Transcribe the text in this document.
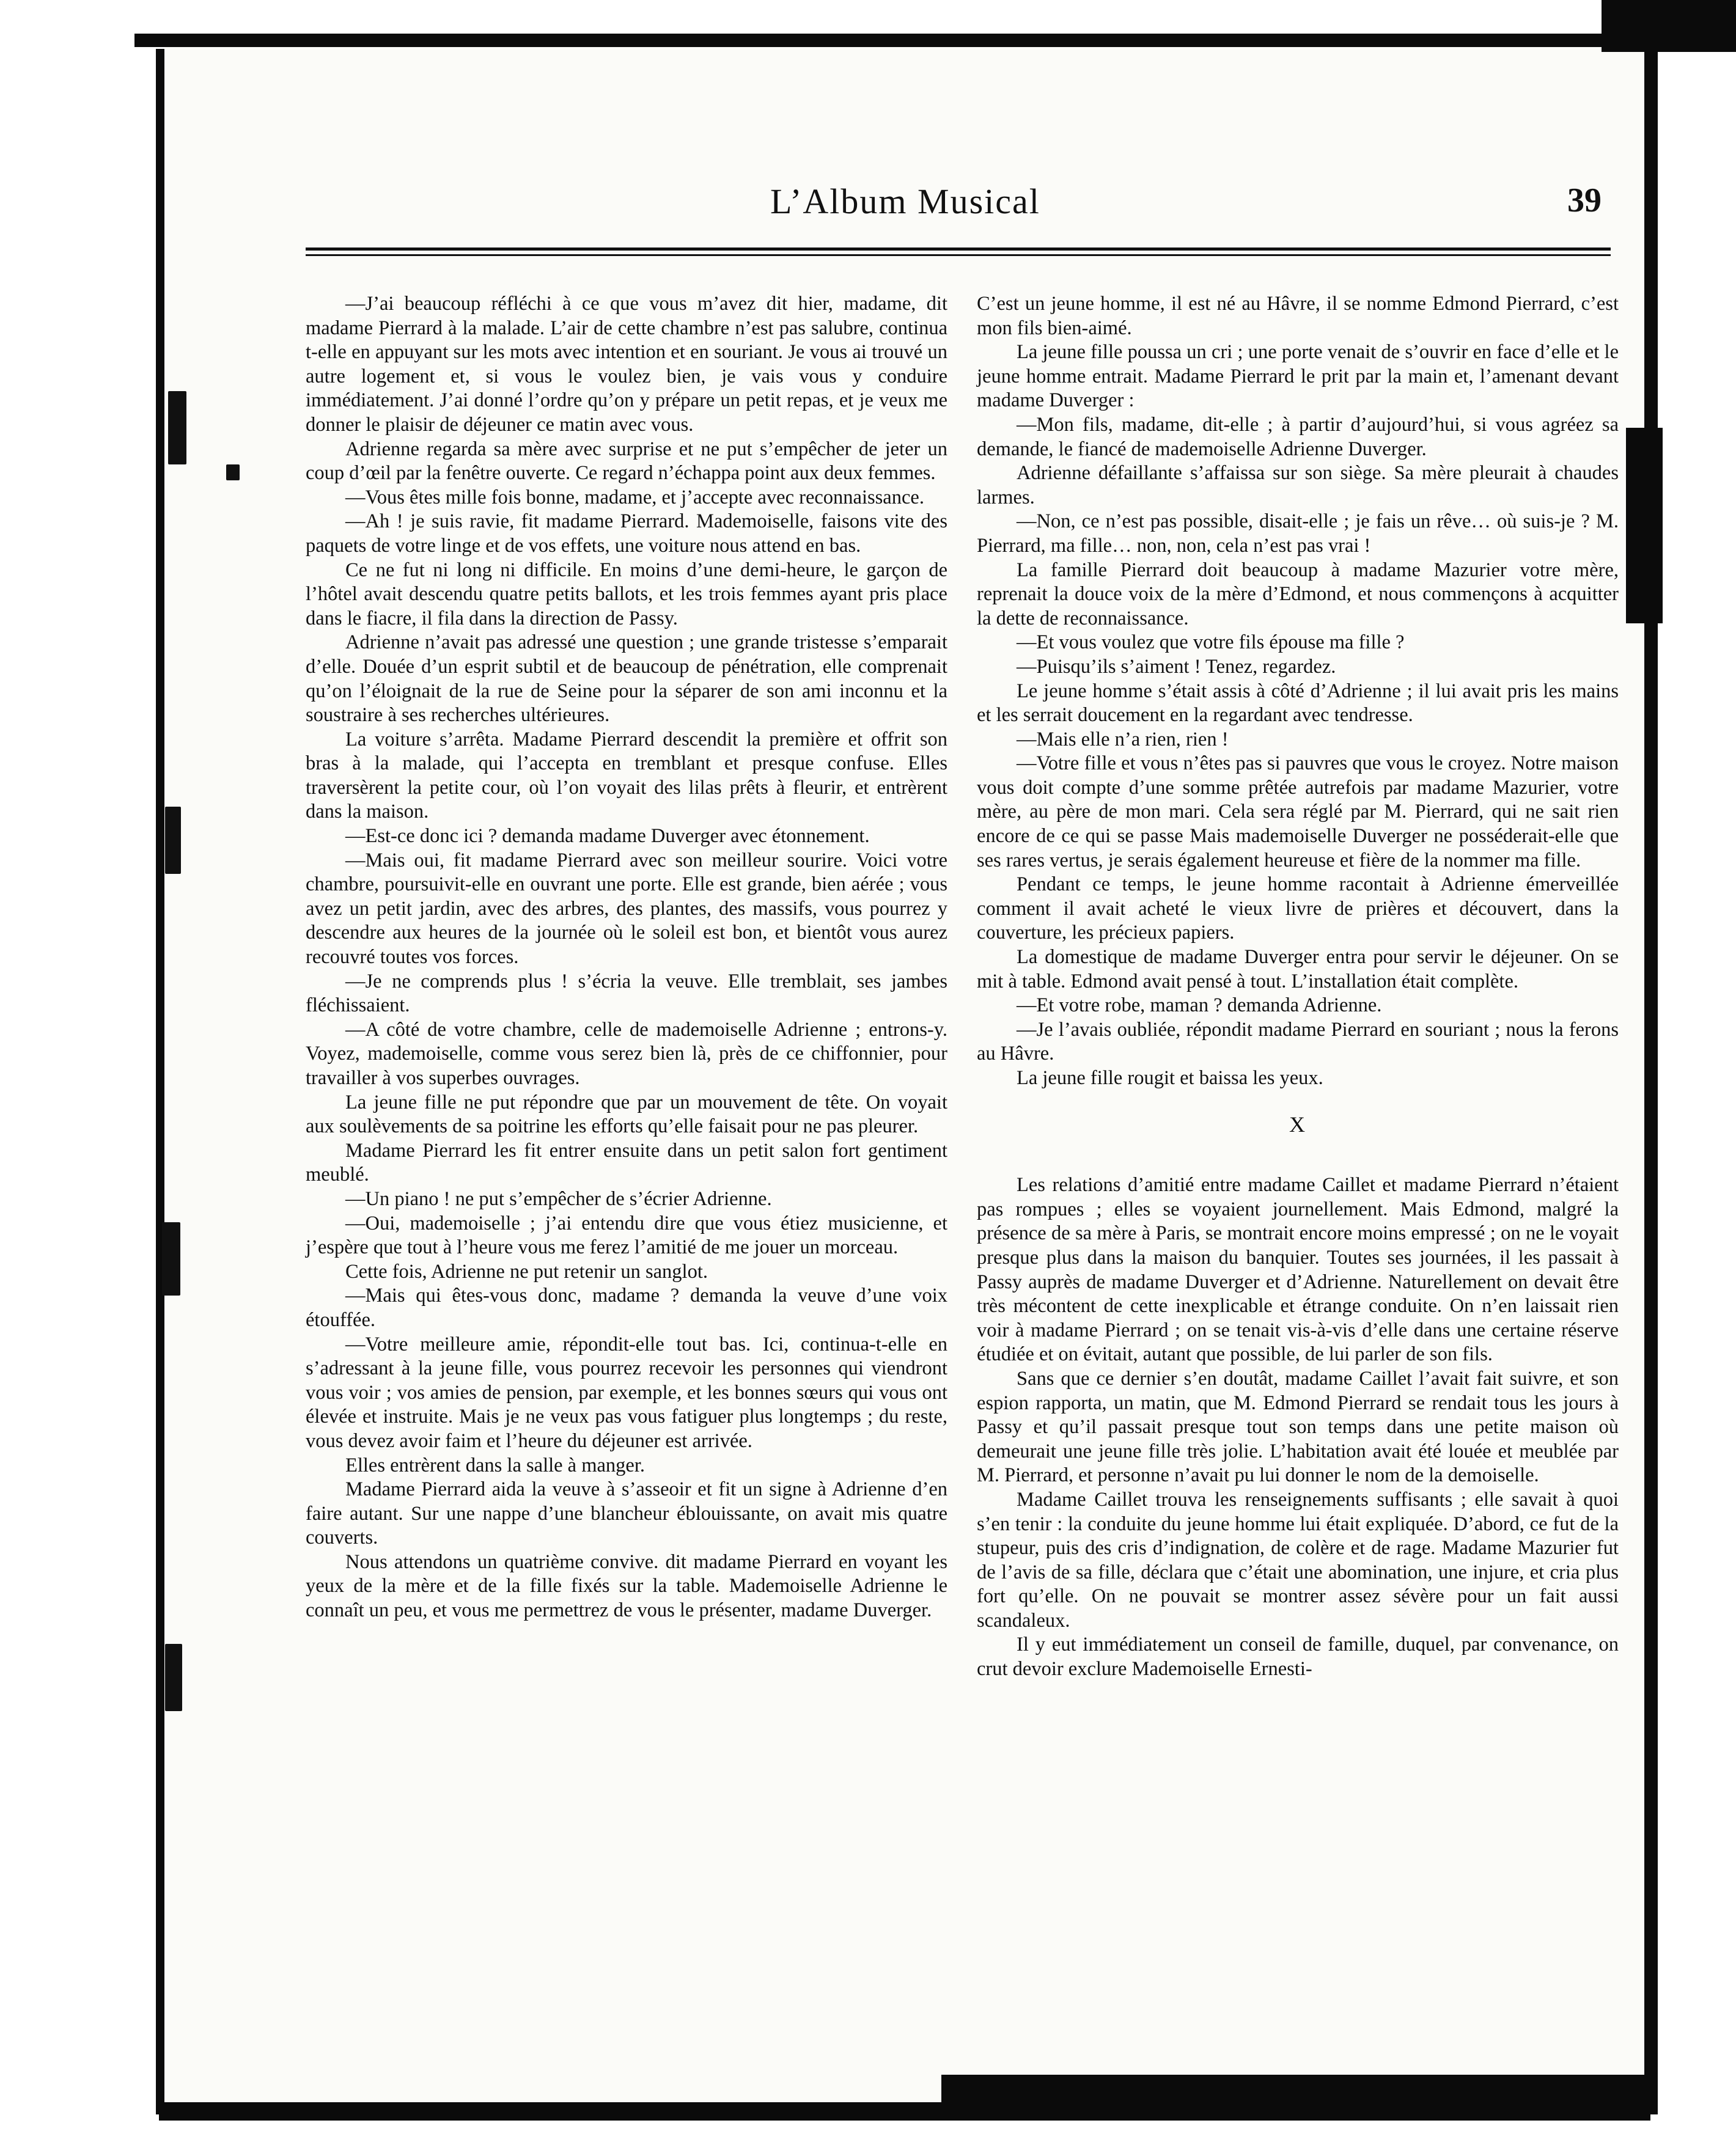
L’Album Musical	39

—J’ai beaucoup réfléchi à ce que vous m’avez dit hier, madame, dit madame Pierrard à la malade. L’air de cette chambre n’est pas salubre, continua t-elle en appuyant sur les mots avec intention et en souriant. Je vous ai trouvé un autre logement et, si vous le voulez bien, je vais vous y conduire immédiatement. J’ai donné l’ordre qu’on y prépare un petit repas, et je veux me donner le plaisir de déjeuner ce matin avec vous.

Adrienne regarda sa mère avec surprise et ne put s’empêcher de jeter un coup d’œil par la fenêtre ouverte. Ce regard n’échappa point aux deux femmes.

—Vous êtes mille fois bonne, madame, et j’accepte avec reconnaissance.

—Ah ! je suis ravie, fit madame Pierrard. Mademoiselle, faisons vite des paquets de votre linge et de vos effets, une voiture nous attend en bas.

Ce ne fut ni long ni difficile. En moins d’une demi-heure, le garçon de l’hôtel avait descendu quatre petits ballots, et les trois femmes ayant pris place dans le fiacre, il fila dans la direction de Passy.

Adrienne n’avait pas adressé une question ; une grande tristesse s’emparait d’elle. Douée d’un esprit subtil et de beaucoup de pénétration, elle comprenait qu’on l’éloignait de la rue de Seine pour la séparer de son ami inconnu et la soustraire à ses recherches ultérieures.

La voiture s’arrêta. Madame Pierrard descendit la première et offrit son bras à la malade, qui l’accepta en tremblant et presque confuse. Elles traversèrent la petite cour, où l’on voyait des lilas prêts à fleurir, et entrèrent dans la maison.

—Est-ce donc ici ? demanda madame Duverger avec étonnement.

—Mais oui, fit madame Pierrard avec son meilleur sourire. Voici votre chambre, poursuivit-elle en ouvrant une porte. Elle est grande, bien aérée ; vous avez un petit jardin, avec des arbres, des plantes, des massifs, vous pourrez y descendre aux heures de la journée où le soleil est bon, et bientôt vous aurez recouvré toutes vos forces.

—Je ne comprends plus ! s’écria la veuve. Elle tremblait, ses jambes fléchissaient.

—A côté de votre chambre, celle de mademoiselle Adrienne ; entrons-y. Voyez, mademoiselle, comme vous serez bien là, près de ce chiffonnier, pour travailler à vos superbes ouvrages.

La jeune fille ne put répondre que par un mouvement de tête. On voyait aux soulèvements de sa poitrine les efforts qu’elle faisait pour ne pas pleurer.

Madame Pierrard les fit entrer ensuite dans un petit salon fort gentiment meublé.

—Un piano ! ne put s’empêcher de s’écrier Adrienne.

—Oui, mademoiselle ; j’ai entendu dire que vous étiez musicienne, et j’espère que tout à l’heure vous me ferez l’amitié de me jouer un morceau.

Cette fois, Adrienne ne put retenir un sanglot.

—Mais qui êtes-vous donc, madame ? demanda la veuve d’une voix étouffée.

—Votre meilleure amie, répondit-elle tout bas. Ici, continua-t-elle en s’adressant à la jeune fille, vous pourrez recevoir les personnes qui viendront vous voir ; vos amies de pension, par exemple, et les bonnes sœurs qui vous ont élevée et instruite. Mais je ne veux pas vous fatiguer plus longtemps ; du reste, vous devez avoir faim et l’heure du déjeuner est arrivée.

Elles entrèrent dans la salle à manger.

Madame Pierrard aida la veuve à s’asseoir et fit un signe à Adrienne d’en faire autant. Sur une nappe d’une blancheur éblouissante, on avait mis quatre couverts.

Nous attendons un quatrième convive. dit madame Pierrard en voyant les yeux de la mère et de la fille fixés sur la table. Mademoiselle Adrienne le connaît un peu, et vous me permettrez de vous le présenter, madame Duverger.

C’est un jeune homme, il est né au Hâvre, il se nomme Edmond Pierrard, c’est mon fils bien-aimé.

La jeune fille poussa un cri ; une porte venait de s’ouvrir en face d’elle et le jeune homme entrait. Madame Pierrard le prit par la main et, l’amenant devant madame Duverger :

—Mon fils, madame, dit-elle ; à partir d’aujourd’hui, si vous agréez sa demande, le fiancé de mademoiselle Adrienne Duverger.

Adrienne défaillante s’affaissa sur son siège. Sa mère pleurait à chaudes larmes.

—Non, ce n’est pas possible, disait-elle ; je fais un rêve… où suis-je ? M. Pierrard, ma fille… non, non, cela n’est pas vrai !

La famille Pierrard doit beaucoup à madame Mazurier votre mère, reprenait la douce voix de la mère d’Edmond, et nous commençons à acquitter la dette de reconnaissance.

—Et vous voulez que votre fils épouse ma fille ?

—Puisqu’ils s’aiment ! Tenez, regardez.

Le jeune homme s’était assis à côté d’Adrienne ; il lui avait pris les mains et les serrait doucement en la regardant avec tendresse.

—Mais elle n’a rien, rien !

—Votre fille et vous n’êtes pas si pauvres que vous le croyez. Notre maison vous doit compte d’une somme prêtée autrefois par madame Mazurier, votre mère, au père de mon mari. Cela sera réglé par M. Pierrard, qui ne sait rien encore de ce qui se passe Mais mademoiselle Duverger ne posséderait-elle que ses rares vertus, je serais également heureuse et fière de la nommer ma fille.

Pendant ce temps, le jeune homme racontait à Adrienne émerveillée comment il avait acheté le vieux livre de prières et découvert, dans la couverture, les précieux papiers.

La domestique de madame Duverger entra pour servir le déjeuner. On se mit à table. Edmond avait pensé à tout. L’installation était complète.

—Et votre robe, maman ? demanda Adrienne.

—Je l’avais oubliée, répondit madame Pierrard en souriant ; nous la ferons au Hâvre.

La jeune fille rougit et baissa les yeux.

X

Les relations d’amitié entre madame Caillet et madame Pierrard n’étaient pas rompues ; elles se voyaient journellement. Mais Edmond, malgré la présence de sa mère à Paris, se montrait encore moins empressé ; on ne le voyait presque plus dans la maison du banquier. Toutes ses journées, il les passait à Passy auprès de madame Duverger et d’Adrienne. Naturellement on devait être très mécontent de cette inexplicable et étrange conduite. On n’en laissait rien voir à madame Pierrard ; on se tenait vis-à-vis d’elle dans une certaine réserve étudiée et on évitait, autant que possible, de lui parler de son fils.

Sans que ce dernier s’en doutât, madame Caillet l’avait fait suivre, et son espion rapporta, un matin, que M. Edmond Pierrard se rendait tous les jours à Passy et qu’il passait presque tout son temps dans une petite maison où demeurait une jeune fille très jolie. L’habitation avait été louée et meublée par M. Pierrard, et personne n’avait pu lui donner le nom de la demoiselle.

Madame Caillet trouva les renseignements suffisants ; elle savait à quoi s’en tenir : la conduite du jeune homme lui était expliquée. D’abord, ce fut de la stupeur, puis des cris d’indignation, de colère et de rage. Madame Mazurier fut de l’avis de sa fille, déclara que c’était une abomination, une injure, et cria plus fort qu’elle. On ne pouvait se montrer assez sévère pour un fait aussi scandaleux.

Il y eut immédiatement un conseil de famille, duquel, par convenance, on crut devoir exclure Mademoiselle Ernesti-
